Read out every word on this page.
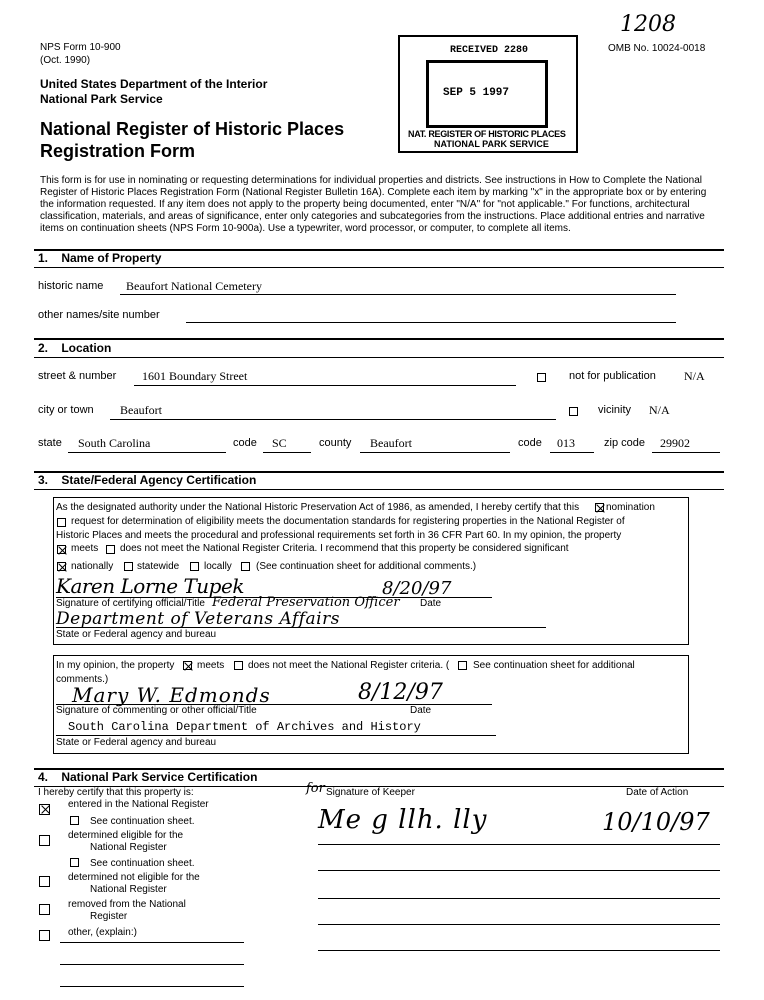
1208
NPS Form 10-900
(Oct. 1990)
OMB No. 10024-0018
United States Department of the Interior
National Park Service
National Register of Historic Places
Registration Form
RECEIVED 2280
SEP 5 1997
NAT. REGISTER OF HISTORIC PLACES
NATIONAL PARK SERVICE
This form is for use in nominating or requesting determinations for individual properties and districts. See instructions in How to Complete the National Register of Historic Places Registration Form (National Register Bulletin 16A). Complete each item by marking "x" in the appropriate box or by entering the information requested. If any item does not apply to the property being documented, enter "N/A" for "not applicable." For functions, architectural classification, materials, and areas of significance, enter only categories and subcategories from the instructions. Place additional entries and narrative items on continuation sheets (NPS Form 10-900a). Use a typewriter, word processor, or computer, to complete all items.
1.    Name of Property
historic name Beaufort National Cemetery
other names/site number
2.    Location
street & number 1601 Boundary Street	not for publication N/A
city or town Beaufort	vicinity N/A
state South Carolina	code SC	county Beaufort	code 013	zip code 29902
3.    State/Federal Agency Certification
As the designated authority under the National Historic Preservation Act of 1986, as amended, I hereby certify that this	nomination
request for determination of eligibility meets the documentation standards for registering properties in the National Register of
Historic Places and meets the procedural and professional requirements set forth in 36 CFR Part 60. In my opinion, the property
meets does not meet the National Register Criteria. I recommend that this property be considered significant
nationally statewide locally (See continuation sheet for additional comments.)
Karen Lorne Tupek	8/20/97
Signature of certifying official/Title Federal Preservation Officer Date
Department of Veterans Affairs
State or Federal agency and bureau
In my opinion, the property meets does not meet the National Register criteria. ( See continuation sheet for additional
comments.)
Mary W. Edmonds	8/12/97
Signature of commenting or other official/Title	Date
South Carolina Department of Archives and History
State or Federal agency and bureau
4.    National Park Service Certification
I hereby certify that this property is:	for Signature of Keeper	Date of Action
Me g llh. lly	10/10/97
entered in the National Register
See continuation sheet.
determined eligible for the
National Register
See continuation sheet.
determined not eligible for the
National Register
removed from the National
Register
other, (explain:)
